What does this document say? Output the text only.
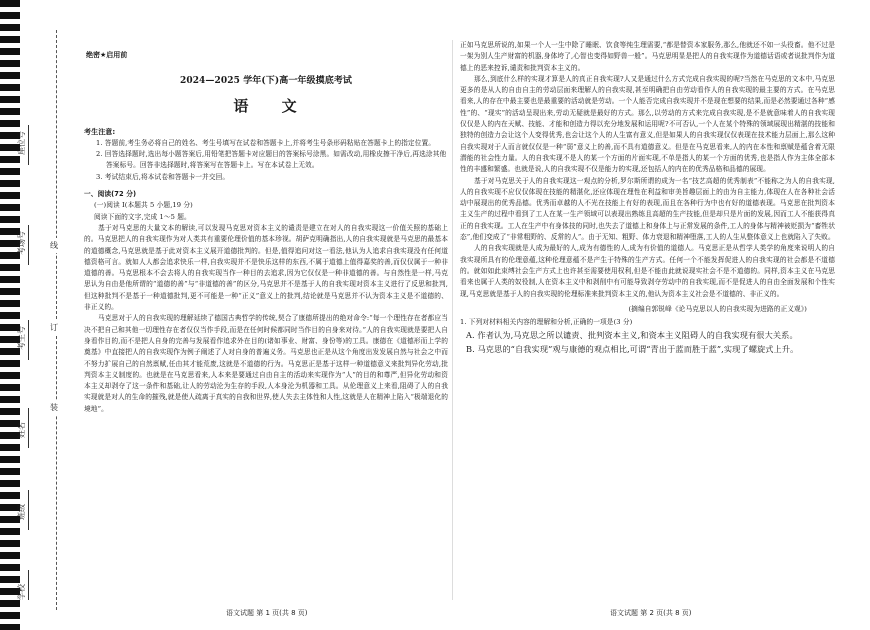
座位号
考场号
考生号
姓名
班级
学校
线
订
装
绝密★启用前
2024—2025 学年(下)高一年级摸底考试
语 文
考生注意:
1. 答题前,考生务必将自己的姓名、考生号填写在试卷和答题卡上,并将考生号条形码粘贴在答题卡上的指定位置。
2. 回答选择题时,选出每小题答案后,用铅笔把答题卡对应题目的答案标号涂黑。如需改动,用橡皮擦干净后,再选涂其他答案标号。回答非选择题时,将答案写在答题卡上。写在本试卷上无效。
3. 考试结束后,将本试卷和答题卡一并交回。
一、阅读(72 分)
(一)阅读 I(本题共 5 小题,19 分)
阅读下面的文字,完成 1～5 题。

基于对马克思的大量文本的解读,可以发现马克思对资本主义的谴责是建立在对人的自我实现这一价值关照的基础上的。马克思把人的自我实现作为对人类共有重要伦理价值的基本珍视。胡萨克明确指出,人的自我实现就是马克思的最基本的道德概念,马克思就是基于此对资本主义展开道德批判的。但是,值得追问对这一看法,他认为人追求自我实现没有任何道德资格可言。就如人人都会追求快乐一样,自我实现并不是快乐这样的东西,不属于道德上值得嘉奖的善,而仅仅属于一种非道德的善。马克思根本不会去将人的自我实现当作一种目的去追求,因为它仅仅是一种非道德的善。与自然性是一样,马克思认为自由是他所谓的“道德的善”与“非道德的善”的区分,马克思并不是基于人的自我实现对资本主义进行了反思和批判,但这种批判不是基于一种道德批判,更不可能是一种“正义”意义上的批判,结论就是马克思并不认为资本主义是不道德的、非正义的。

马克思对于人的自我实现的理解延续了德国古典哲学的传统,契合了康德所提出的绝对命令:“每一个理性存在者都应当决不把自己和其他一切理性存在者仅仅当作手段,而是在任何时候都同时当作目的自身来对待。”人的自我实现就是要把人自身看作目的,而不是把人自身的完善与发展看作追求外在目的(诸如事业、财富、身份等)的工具。康德在《道德形而上学的奠基》中直接把人的自我实现作为例子阐述了人对自身的普遍义务。马克思也正是从这个角度出发发展自然与社会之中而不努力扩展自己的自然禀赋,任由其才能荒废,这就是不道德的行为。马克思正是基于这样一种道德意义来批判异化劳动,批判资本主义制度的。也就是在马克思看来,人本来是要通过自由自主的活动来实现作为“人”的目的和尊严,但异化劳动和资本主义却剥夺了这一条件和基础,让人的劳动沦为生存的手段,人本身沦为机器和工具。从伦理意义上来看,阻碍了人的自我实现就是对人的生命的摧残,就是使人疏离于真实的自我和世界,使人失去主体性和人性,这就是人在精神上陷入“极端退化的境地”。

正如马克思所说的,如果一个人一生中除了睡眠、饮食等纯生理需要,“都是替资本家服务,那么,他就还不如一头役畜。他不过是一架为别人生产财富的机器,身体垮了,心智也变得如野兽一般”。马克思明显是把人的自我实现作为道德话语或者说批判作为道德上的恶来控诉,谴责和批判资本主义的。

那么,到底什么样的实现才算是人的真正自我实现?人又是通过什么方式完成自我实现的呢?当然在马克思的文本中,马克思更多的是从人的自由自主的劳动层面来理解人的自我实现,甚至明确把自由劳动看作人的自我实现的最主要的方式。在马克思看来,人的存在中最主要也是最重要的活动就是劳动。一个人能否完成自我实现并不是现在想要的结果,而是必然要通过各种“感性”的、“现实”的活动呈现出来,劳动无疑就是最好的方式。那么,以劳动的方式来完成自我实现,是不是就意味着人的自我实现仅仅是人的内在天赋、技能、才能和创造力得以充分地发展和运用呢?不可否认,一个人在某个特殊的领域展现出精湛的技能和独特的创造力会让这个人变得优秀,也会让这个人的人生富有意义,但是如果人的自我实现仅仅表现在技术能力层面上,那么这种自我实现对于人而言就仅仅是一种“弱”意义上的善,而不具有道德意义。但是在马克思看来,人的内在本性和禀赋是蕴含着无限潜能的社会性力量。人的自我实现不是人的某一个方面的片面实现,不单是指人的某一个方面的优秀,也是指人作为主体全部本性的丰盛和繁盛。也就是说,人的自我实现不仅是能力的实现,还包括人的内在的优秀品格和品德的展现。

基于对马克思关于人的自我实现这一观点的分析,罗尔斯所谓的成为一名“技艺高超的优秀制表”不能称之为人的自我实现,人的自我实现不应仅仅体现在技能的精湛化,还应体现在理性在利益和审美旨趣层面上的由为自主能力,体现在人在各种社会活动中展现出的优秀品德。优秀而卓越的人不光在技能上有好的表现,而且在各种行为中也有好的道德表现。马克思在批判资本主义生产的过程中看到了工人在某一生产领域可以表现出熟练且高超的生产技能,但是却只是片面的发展,因而工人不能获得真正的自我实现。工人在生产中有身体技的同时,也失去了道德上和身体上与正常发展的条件,工人的身体与精神被贬损为“畜牲状态”,他们变成了“非常粗野的、反常的人”。由于无知、粗野、体力衰退和精神堕落,工人的人生从整体意义上也就陷入了失败。

人的自我实现就是人成为最好的人,成为有德性的人,成为有价值的道德人。马克思正是从哲学人类学的角度来说明人的自我实现所具有的伦理意蕴,这种伦理意蕴不是产生于特殊的生产方式。任何一个不能发挥促进人的自我实现的社会都是不道德的。就如如此束缚社会生产方式上也许甚至需要使用权利,但是不能由此就说现实社会不是不道德的。同样,资本主义在马克思看来也属于人类的奴役制,人在资本主义中和剥削中有可能导致剥夺劳动中的自我实现,而不是促进人的自由全面发展和个性实现,马克思就是基于人的自我实现的伦理标准来批判资本主义的,他认为资本主义社会是不道德的、非正义的。

(摘编自郭锐峰《论马克思以人的自我实现为进路的正义观》)
1. 下列对材料相关内容的理解和分析,正确的一项是(3 分)
A. 作者认为,马克思之所以谴责、批判资本主义,和资本主义阻碍人的自我实现有很大关系。
B. 马克思的“自我实现”观与康德的观点相比,可谓“青出于蓝而胜于蓝”,实现了螺旋式上升。
语文试题 第 1 页(共 8 页)	语文试题 第 2 页(共 8 页)
